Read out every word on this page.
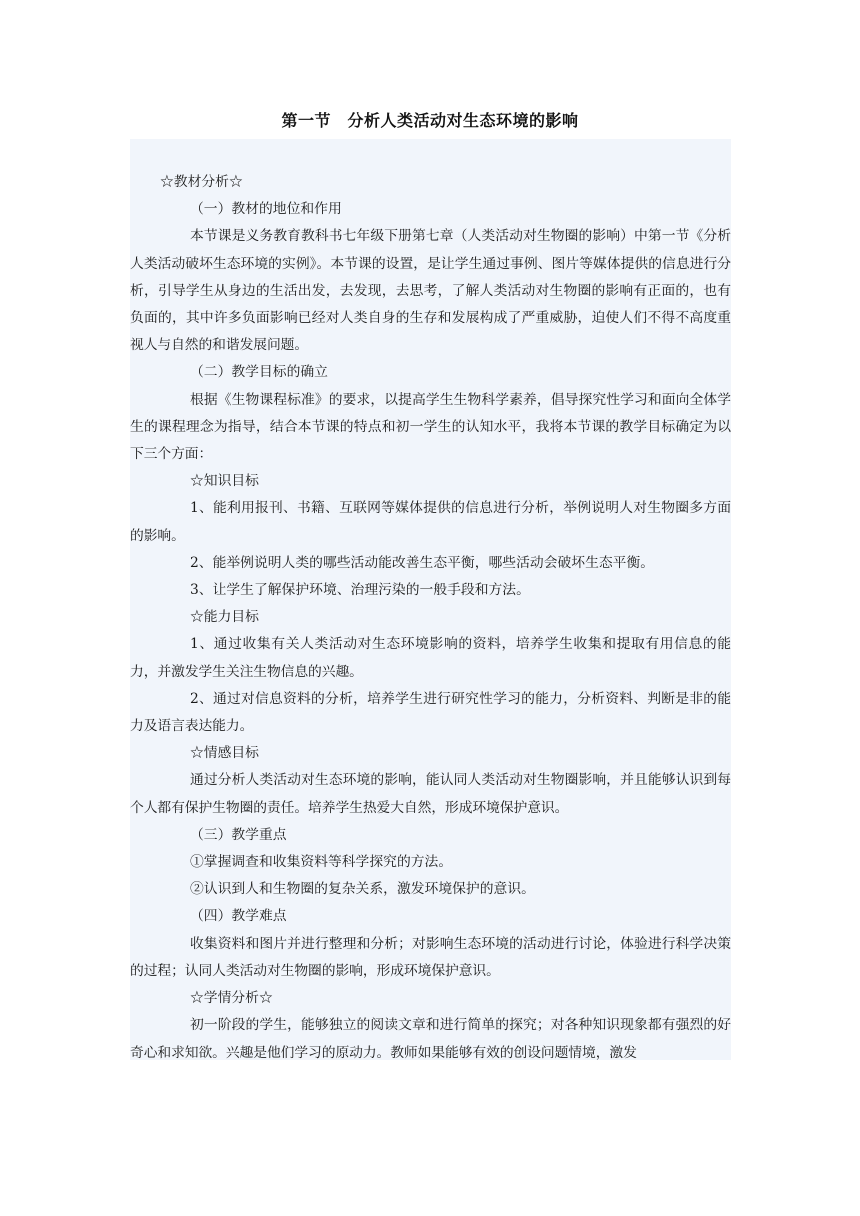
第一节　分析人类活动对生态环境的影响

☆教材分析☆

（一）教材的地位和作用

本节课是义务教育教科书七年级下册第七章（人类活动对生物圈的影响）中第一节《分析人类活动破坏生态环境的实例》。本节课的设置，是让学生通过事例、图片等媒体提供的信息进行分析，引导学生从身边的生活出发，去发现，去思考，了解人类活动对生物圈的影响有正面的，也有负面的，其中许多负面影响已经对人类自身的生存和发展构成了严重威胁，迫使人们不得不高度重视人与自然的和谐发展问题。

（二）教学目标的确立

根据《生物课程标准》的要求，以提高学生生物科学素养，倡导探究性学习和面向全体学生的课程理念为指导，结合本节课的特点和初一学生的认知水平，我将本节课的教学目标确定为以下三个方面：

☆知识目标

1、能利用报刊、书籍、互联网等媒体提供的信息进行分析，举例说明人对生物圈多方面的影响。

2、能举例说明人类的哪些活动能改善生态平衡，哪些活动会破坏生态平衡。

3、让学生了解保护环境、治理污染的一般手段和方法。

☆能力目标

1、通过收集有关人类活动对生态环境影响的资料，培养学生收集和提取有用信息的能力，并激发学生关注生物信息的兴趣。

2、通过对信息资料的分析，培养学生进行研究性学习的能力，分析资料、判断是非的能力及语言表达能力。

☆情感目标

通过分析人类活动对生态环境的影响，能认同人类活动对生物圈影响，并且能够认识到每个人都有保护生物圈的责任。培养学生热爱大自然，形成环境保护意识。

（三）教学重点

①掌握调查和收集资料等科学探究的方法。

②认识到人和生物圈的复杂关系，激发环境保护的意识。

（四）教学难点

收集资料和图片并进行整理和分析；对影响生态环境的活动进行讨论，体验进行科学决策的过程；认同人类活动对生物圈的影响，形成环境保护意识。

☆学情分析☆

初一阶段的学生，能够独立的阅读文章和进行简单的探究；对各种知识现象都有强烈的好奇心和求知欲。兴趣是他们学习的原动力。教师如果能够有效的创设问题情境，激发
